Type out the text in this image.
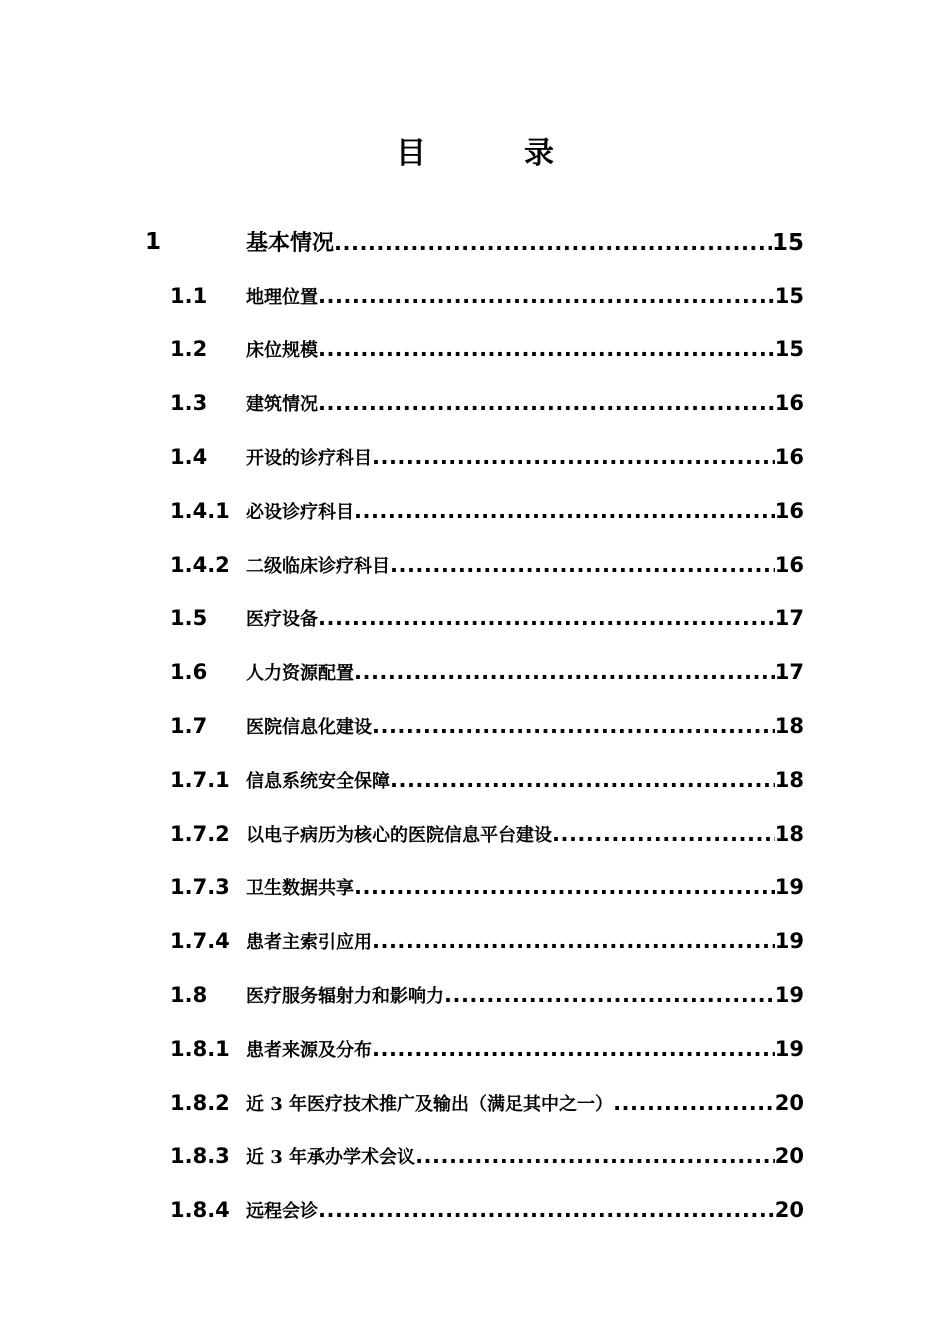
目　录
1	基本情况 .....	15
1.1 地理位置 .....	15
1.2 床位规模 .....	15
1.3 建筑情况 .....	16
1.4 开设的诊疗科目 .....	16
1.4.1 必设诊疗科目 .....	16
1.4.2 二级临床诊疗科目 .....	16
1.5 医疗设备 .....	17
1.6 人力资源配置 .....	17
1.7 医院信息化建设 .....	18
1.7.1 信息系统安全保障 .....	18
1.7.2 以电子病历为核心的医院信息平台建设 .....	18
1.7.3 卫生数据共享 .....	19
1.7.4 患者主索引应用 .....	19
1.8 医疗服务辐射力和影响力 .....	19
1.8.1 患者来源及分布 .....	19
1.8.2 近 3 年医疗技术推广及输出（满足其中之一） .....	20
1.8.3 近 3 年承办学术会议 .....	20
1.8.4 远程会诊 .....	20
